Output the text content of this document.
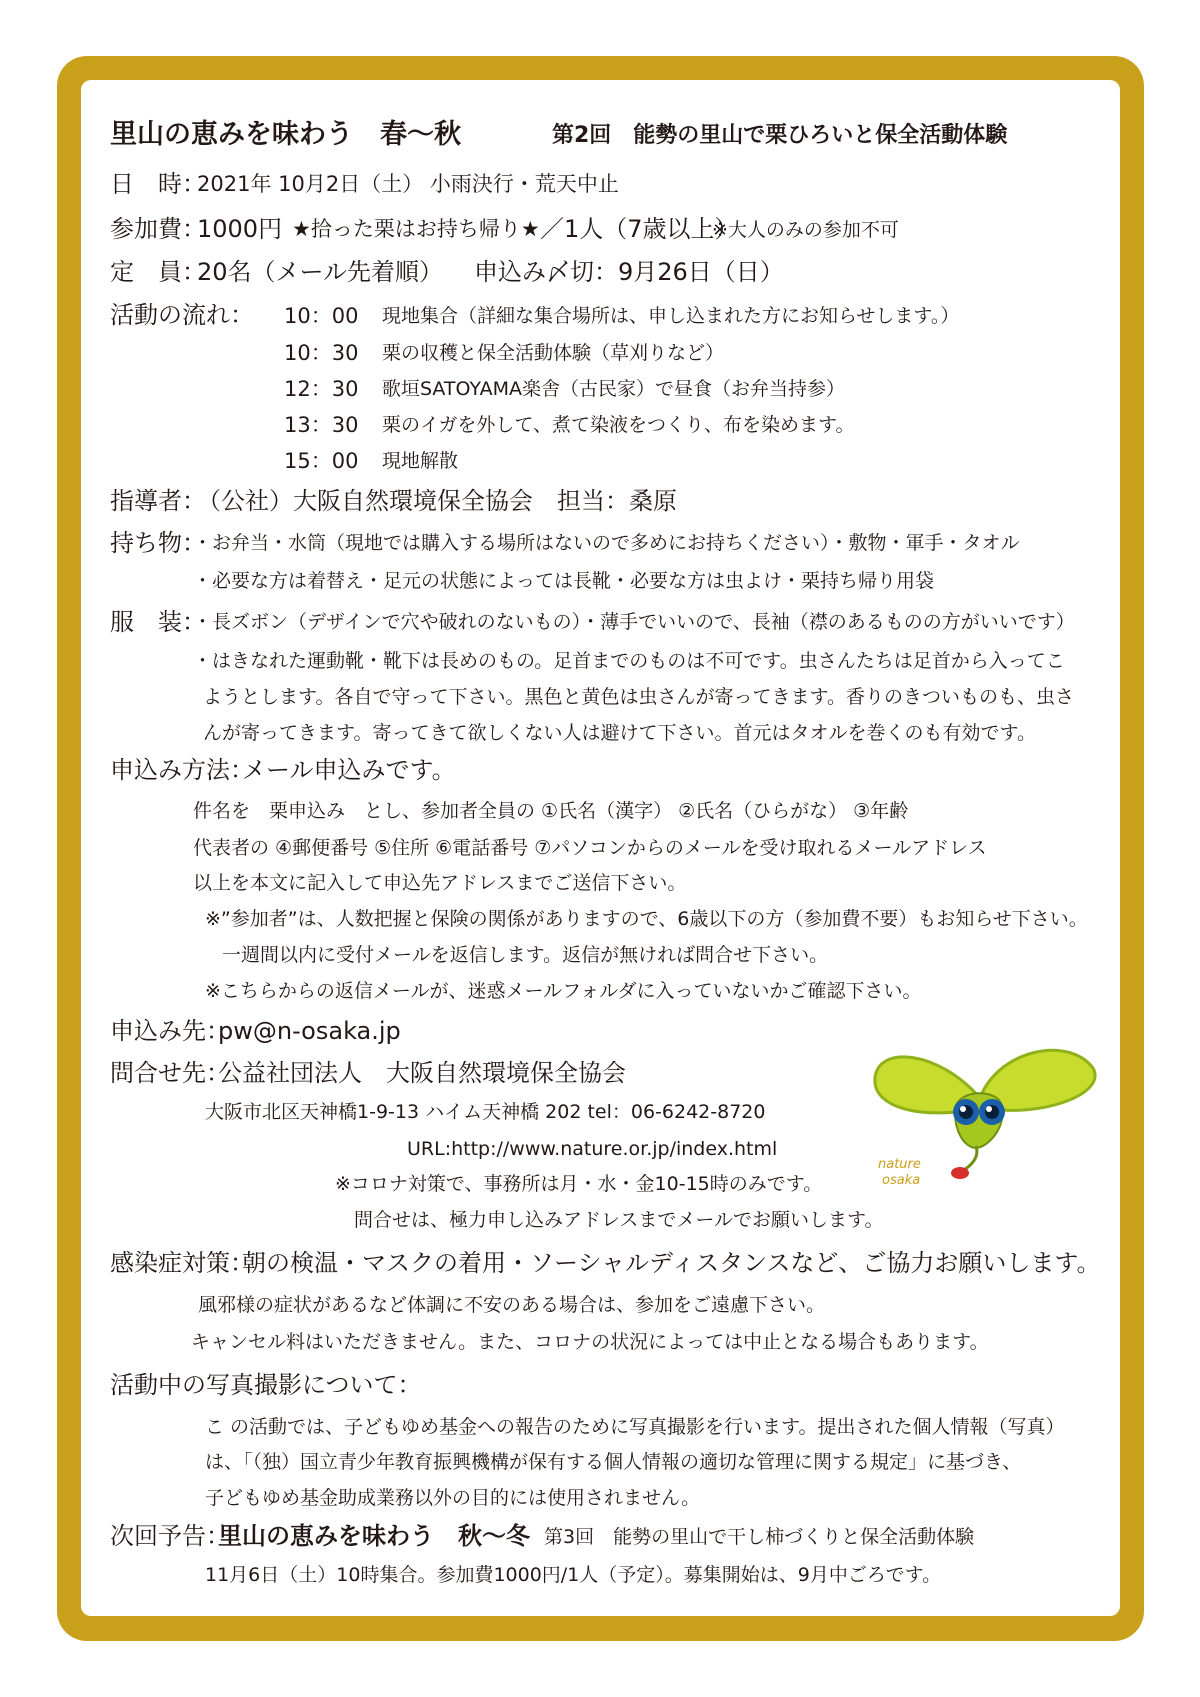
里山の恵みを味わう　春～秋	第2回　能勢の里山で栗ひろいと保全活動体験
日　時：
2021年 10月2日（土） 小雨決行・荒天中止
参加費：
1000円 ★拾った栗はお持ち帰り★ ／1人（7歳以上）
※大人のみの参加不可
定　員：
20名（メール先着順） 申込み〆切：9月26日（日）
活動の流れ： 10：00 現地集合（詳細な集合場所は、申し込まれた方にお知らせします。）
10：30 栗の収穫と保全活動体験（草刈りなど）
12：30 歌垣SATOYAMA楽舎（古民家）で昼食（お弁当持参）
13：30 栗のイガを外して、煮て染液をつくり、布を染めます。
15：00 現地解散
指導者：
（公社）大阪自然環境保全協会　担当：桑原
持ち物：
・お弁当・水筒（現地では購入する場所はないので多めにお持ちください）・敷物・軍手・タオル
・必要な方は着替え・足元の状態によっては長靴・必要な方は虫よけ・栗持ち帰り用袋
服　装：
・長ズボン（デザインで穴や破れのないもの）・薄手でいいので、長袖（襟のあるものの方がいいです）
・はきなれた運動靴・靴下は長めのもの。足首までのものは不可です。虫さんたちは足首から入ってこ
ようとします。各自で守って下さい。黒色と黄色は虫さんが寄ってきます。香りのきついものも、虫さ
んが寄ってきます。寄ってきて欲しくない人は避けて下さい。首元はタオルを巻くのも有効です。
申込み方法：
メール申込みです。
件名を　栗申込み　とし、参加者全員の ①氏名（漢字） ②氏名（ひらがな） ③年齢
代表者の ④郵便番号 ⑤住所 ⑥電話番号 ⑦パソコンからのメールを受け取れるメールアドレス
以上を本文に記入して申込先アドレスまでご送信下さい。
※”参加者”は、人数把握と保険の関係がありますので、6歳以下の方（参加費不要）もお知らせ下さい。
一週間以内に受付メールを返信します。返信が無ければ問合せ下さい。
※こちらからの返信メールが、迷惑メールフォルダに入っていないかご確認下さい。
申込み先：
pw@n-osaka.jp
問合せ先：
公益社団法人　大阪自然環境保全協会
大阪市北区天神橋1-9-13 ハイム天神橋 202 tel：06-6242-8720
URL:http://www.nature.or.jp/index.html
※コロナ対策で、事務所は月・水・金10-15時のみです。
問合せは、極力申し込みアドレスまでメールでお願いします。
nature
osaka
感染症対策：
朝の検温・マスクの着用・ソーシャルディスタンスなど、ご協力お願いします。
風邪様の症状があるなど体調に不安のある場合は、参加をご遠慮下さい。
キャンセル料はいただきません。また、コロナの状況によっては中止となる場合もあります。
活動中の写真撮影について：
こ の活動では、子どもゆめ基金への報告のために写真撮影を行います。提出された個人情報（写真）
は、「（独）国立青少年教育振興機構が保有する個人情報の適切な管理に関する規定」に基づき、
子どもゆめ基金助成業務以外の目的には使用されません。
次回予告：
里山の恵みを味わう　秋～冬 第3回　能勢の里山で干し柿づくりと保全活動体験
11月6日（土）10時集合。参加費1000円/1人（予定）。募集開始は、9月中ごろです。
